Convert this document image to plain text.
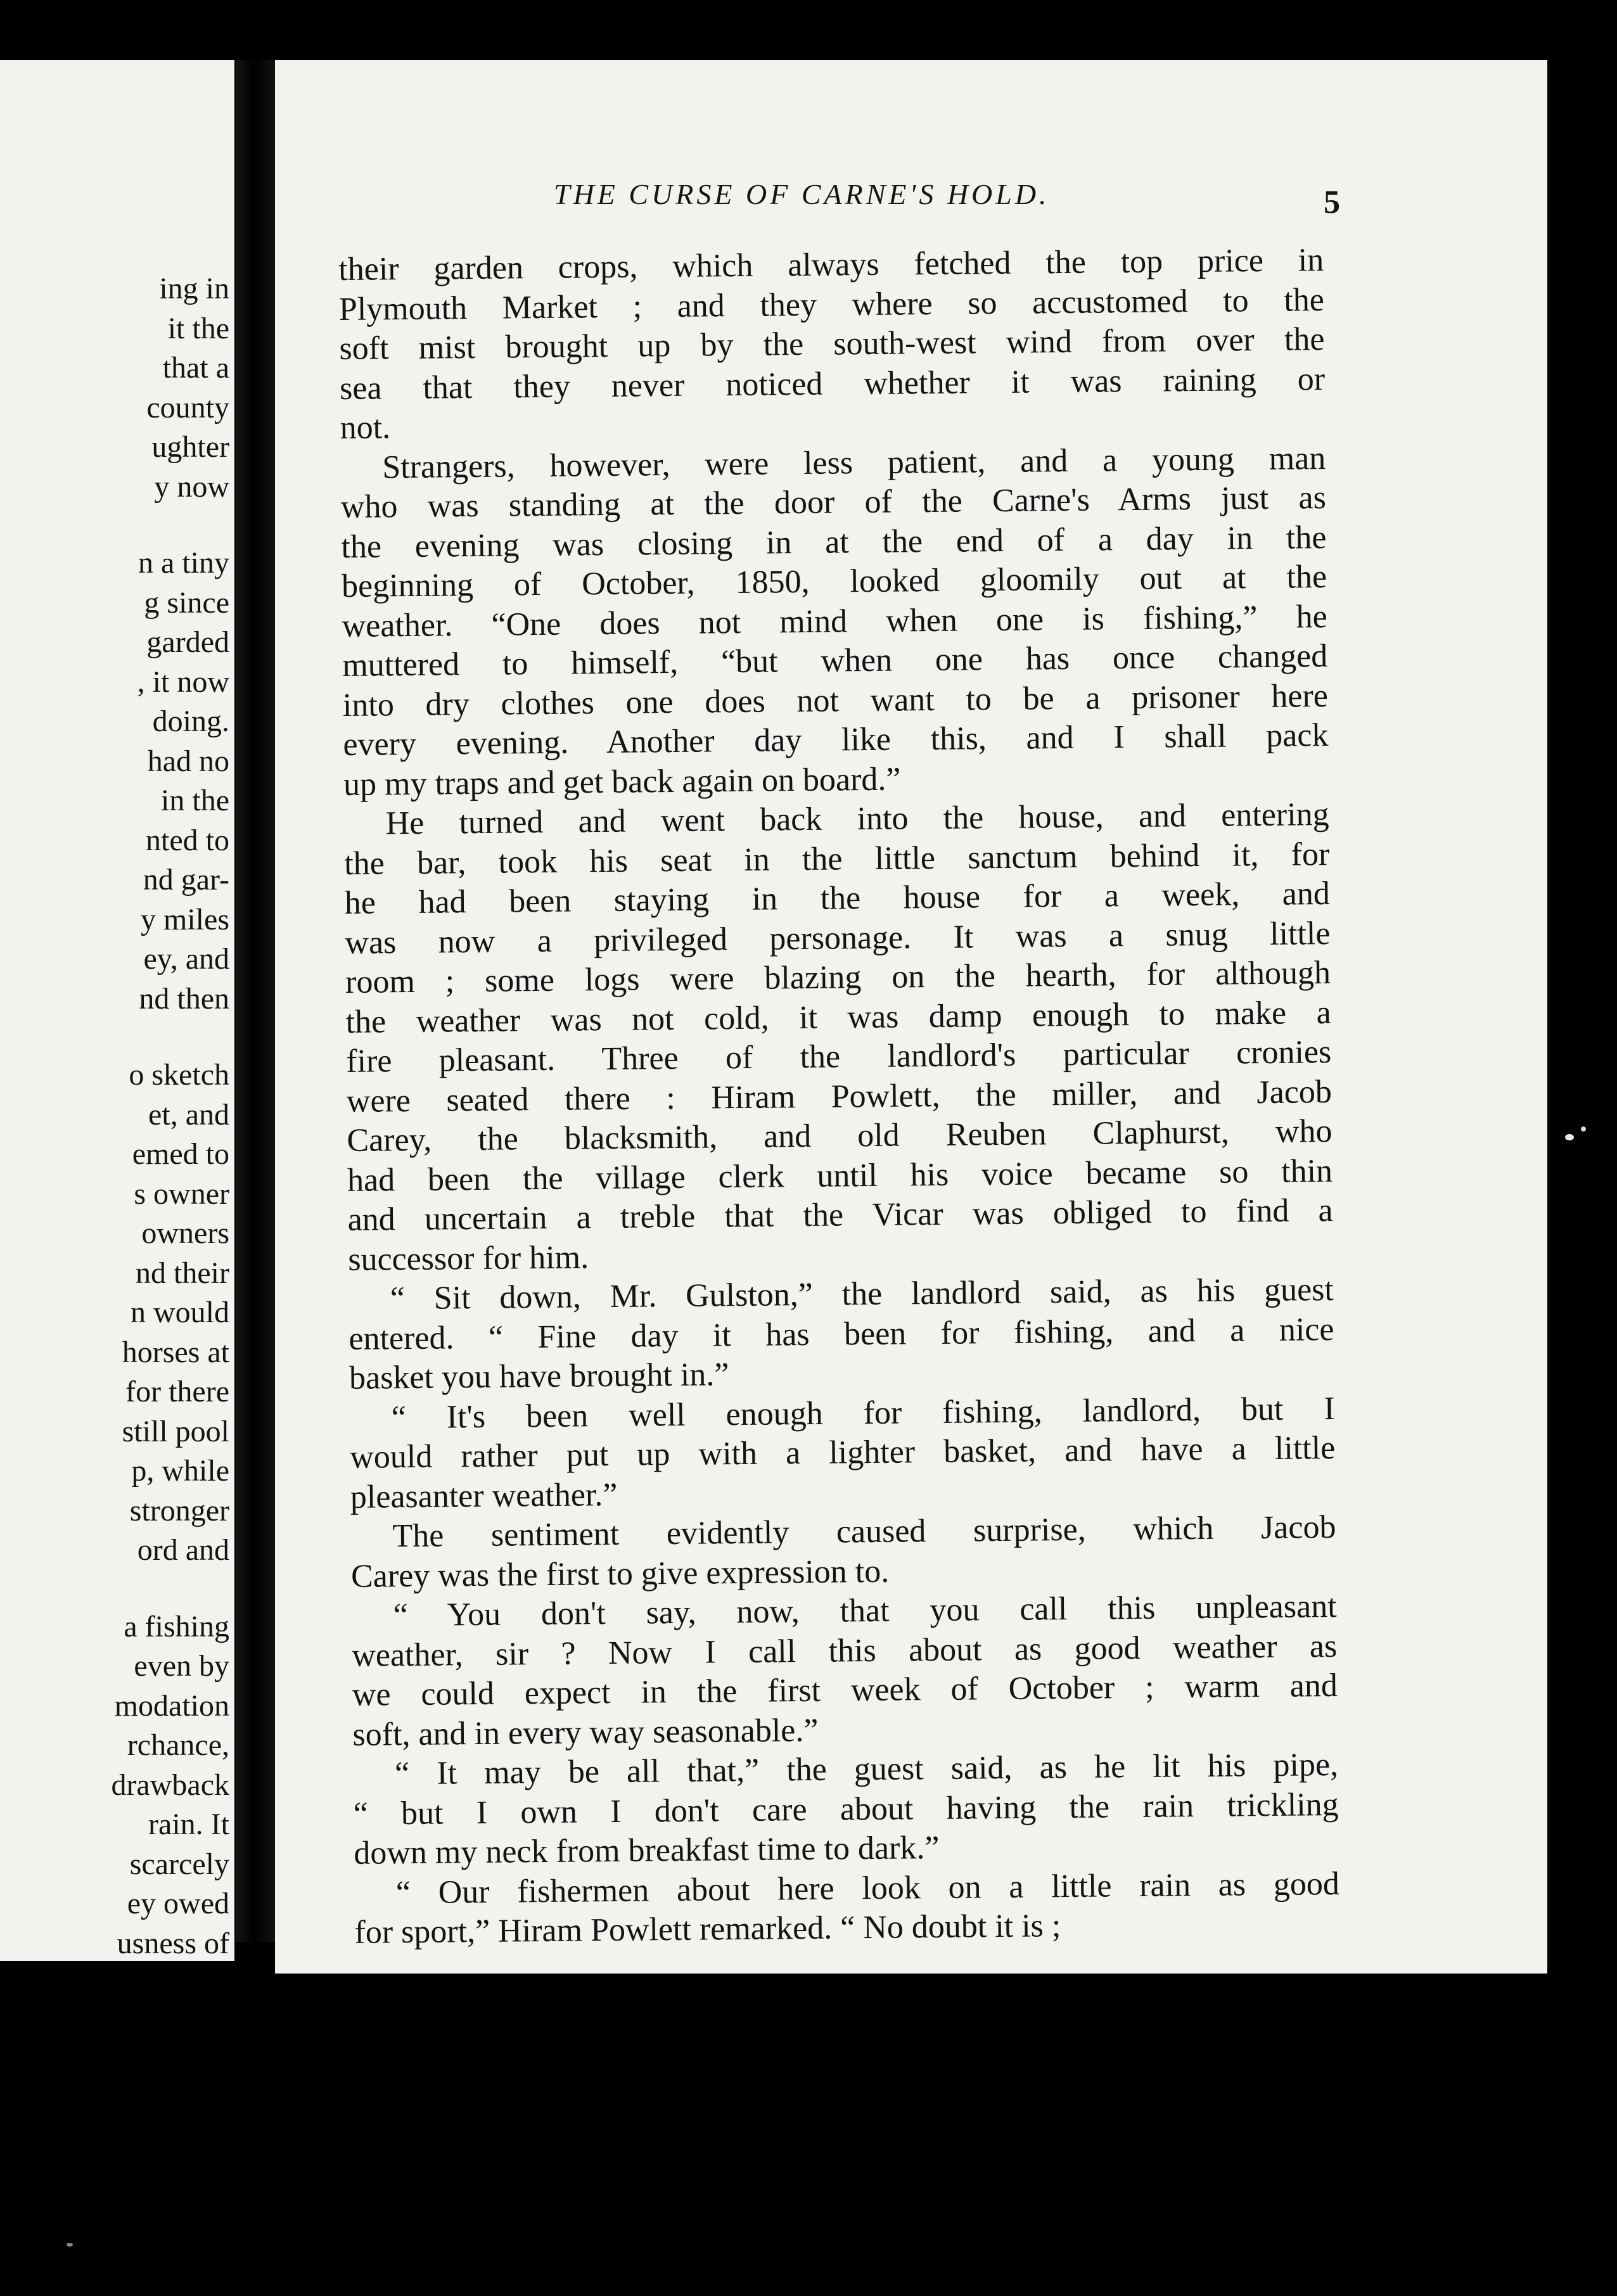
ing in
it the
that a
county
ughter
y now
n a tiny
g since
garded
, it now
doing.
had no
in the
nted to
nd gar-
y miles
ey, and
nd then
o sketch
et, and
emed to
s owner
owners
nd their
n would
horses at
for there
still pool
p, while
stronger
ord and
a fishing
even by
modation
rchance,
drawback
rain. It
scarcely
ey owed
usness of
THE CURSE OF CARNE'S HOLD.	5
their garden crops, which always fetched the top price in
Plymouth Market ; and they where so accustomed to the
soft mist brought up by the south-west wind from over the
sea that they never noticed whether it was raining or
not.
Strangers, however, were less patient, and a young man
who was standing at the door of the Carne's Arms just as
the evening was closing in at the end of a day in the
beginning of October, 1850, looked gloomily out at the
weather. “One does not mind when one is fishing,” he
muttered to himself, “but when one has once changed
into dry clothes one does not want to be a prisoner here
every evening. Another day like this, and I shall pack
up my traps and get back again on board.”
He turned and went back into the house, and entering
the bar, took his seat in the little sanctum behind it, for
he had been staying in the house for a week, and
was now a privileged personage. It was a snug little
room ; some logs were blazing on the hearth, for although
the weather was not cold, it was damp enough to make a
fire pleasant. Three of the landlord's particular cronies
were seated there : Hiram Powlett, the miller, and Jacob
Carey, the blacksmith, and old Reuben Claphurst, who
had been the village clerk until his voice became so thin
and uncertain a treble that the Vicar was obliged to find a
successor for him.
“ Sit down, Mr. Gulston,” the landlord said, as his guest
entered. “ Fine day it has been for fishing, and a nice
basket you have brought in.”
“ It's been well enough for fishing, landlord, but I
would rather put up with a lighter basket, and have a little
pleasanter weather.”
The sentiment evidently caused surprise, which Jacob
Carey was the first to give expression to.
“ You don't say, now, that you call this unpleasant
weather, sir ? Now I call this about as good weather as
we could expect in the first week of October ; warm and
soft, and in every way seasonable.”
“ It may be all that,” the guest said, as he lit his pipe,
“ but I own I don't care about having the rain trickling
down my neck from breakfast time to dark.”
“ Our fishermen about here look on a little rain as good
for sport,” Hiram Powlett remarked. “ No doubt it is ;
